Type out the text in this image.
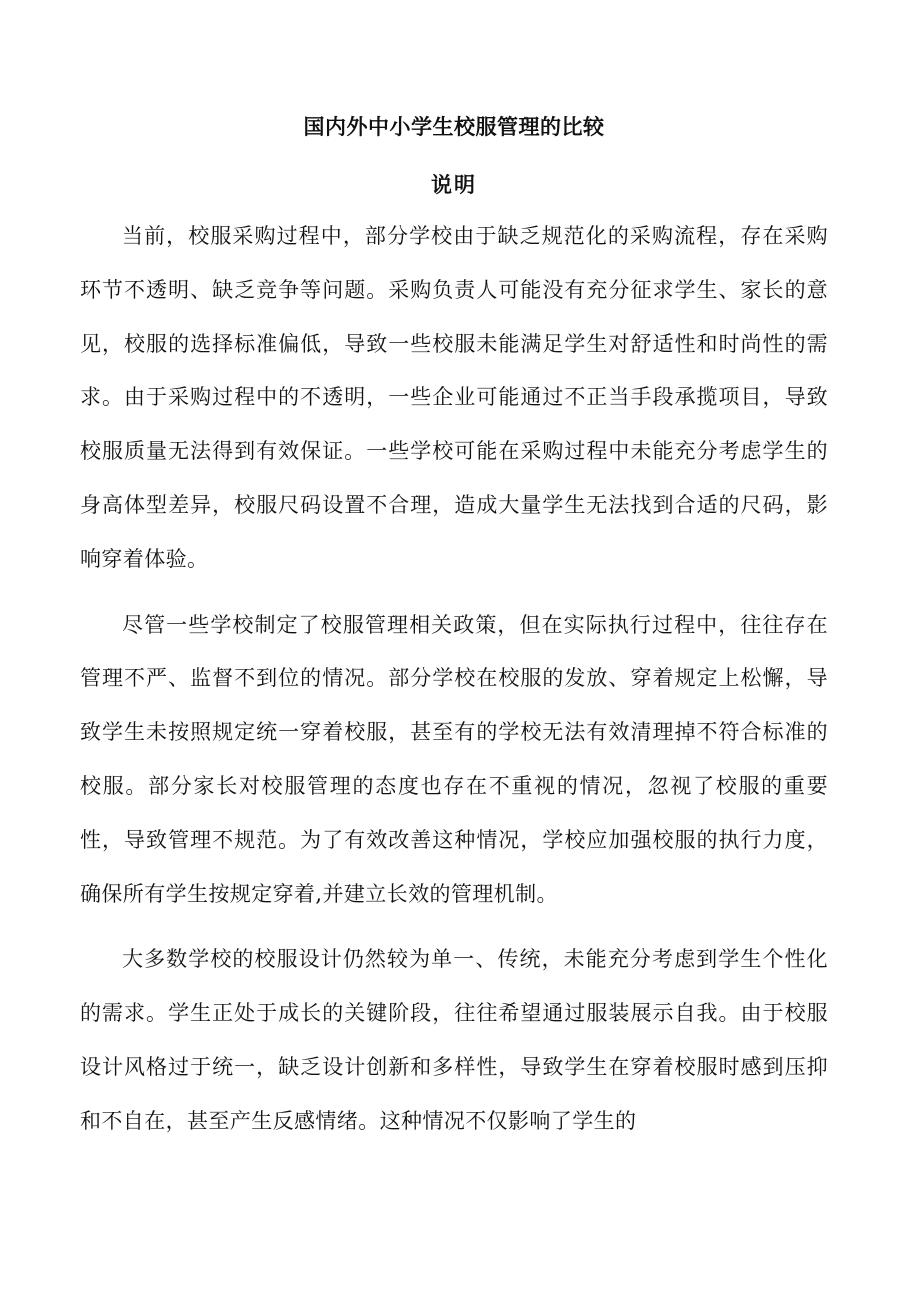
国内外中小学生校服管理的比较
说明

当前，校服采购过程中，部分学校由于缺乏规范化的采购流程，存在采购环节不透明、缺乏竞争等问题。采购负责人可能没有充分征求学生、家长的意见，校服的选择标准偏低，导致一些校服未能满足学生对舒适性和时尚性的需求。由于采购过程中的不透明，一些企业可能通过不正当手段承揽项目，导致校服质量无法得到有效保证。一些学校可能在采购过程中未能充分考虑学生的身高体型差异，校服尺码设置不合理，造成大量学生无法找到合适的尺码，影响穿着体验。

尽管一些学校制定了校服管理相关政策，但在实际执行过程中，往往存在管理不严、监督不到位的情况。部分学校在校服的发放、穿着规定上松懈，导致学生未按照规定统一穿着校服，甚至有的学校无法有效清理掉不符合标准的校服。部分家长对校服管理的态度也存在不重视的情况，忽视了校服的重要性，导致管理不规范。为了有效改善这种情况，学校应加强校服的执行力度，确保所有学生按规定穿着,并建立长效的管理机制。

大多数学校的校服设计仍然较为单一、传统，未能充分考虑到学生个性化的需求。学生正处于成长的关键阶段，往往希望通过服装展示自我。由于校服设计风格过于统一，缺乏设计创新和多样性，导致学生在穿着校服时感到压抑和不自在，甚至产生反感情绪。这种情况不仅影响了学生的
